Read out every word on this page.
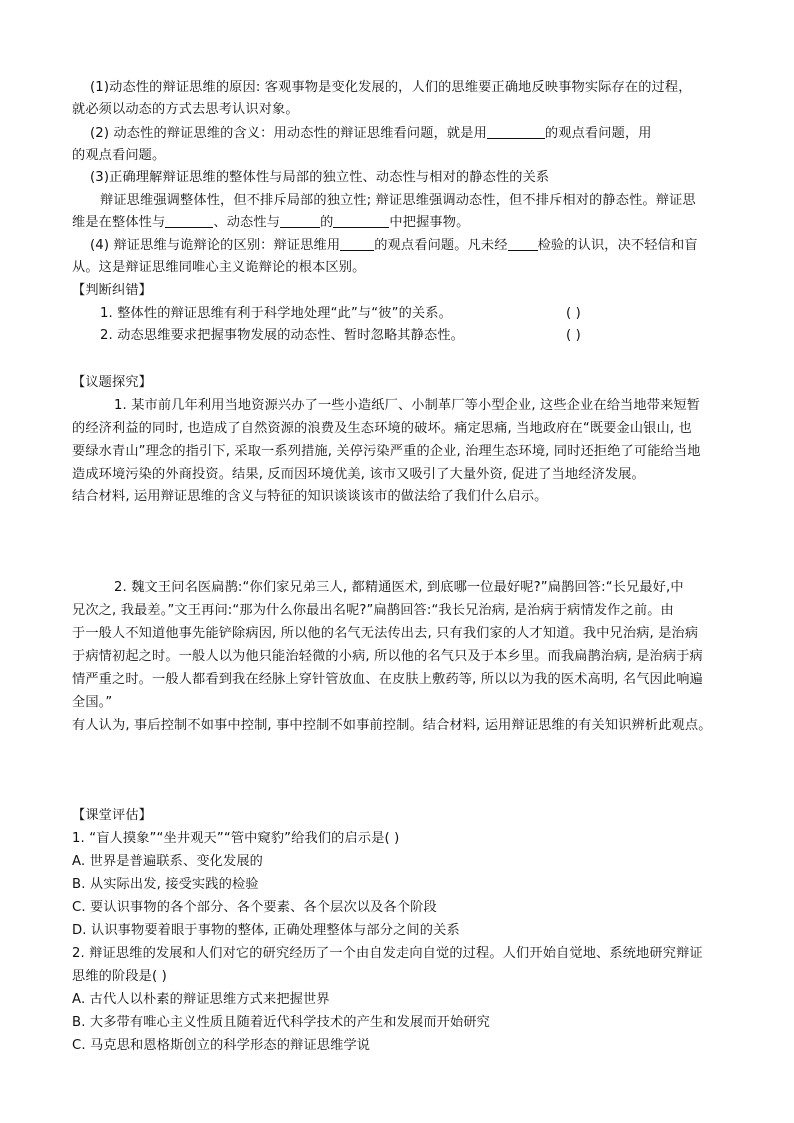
(1)动态性的辩证思维的原因: 客观事物是变化发展的，人们的思维要正确地反映事物实际存在的过程，
就必须以动态的方式去思考认识对象。
(2) 动态性的辩证思维的含义：用动态性的辩证思维看问题，就是用	的观点看问题，用
的观点看问题。
(3)正确理解辩证思维的整体性与局部的独立性、动态性与相对的静态性的关系
辩证思维强调整体性，但不排斥局部的独立性; 辩证思维强调动态性，但不排斥相对的静态性。辩证思
维是在整体性与	、动态性与	的	中把握事物。
(4) 辩证思维与诡辩论的区别：辩证思维用	的观点看问题。凡未经 检验的认识，决不轻信和盲
从。这是辩证思维同唯心主义诡辩论的根本区别。
【判断纠错】
1. 整体性的辩证思维有利于科学地处理“此”与“彼”的关系。	( )
2. 动态思维要求把握事物发展的动态性、暂时忽略其静态性。	( )
【议题探究】
1. 某市前几年利用当地资源兴办了一些小造纸厂、小制革厂等小型企业, 这些企业在给当地带来短暂
的经济利益的同时, 也造成了自然资源的浪费及生态环境的破坏。痛定思痛, 当地政府在“既要金山银山, 也
要绿水青山”理念的指引下, 采取一系列措施, 关停污染严重的企业, 治理生态环境, 同时还拒绝了可能给当地
造成环境污染的外商投资。结果, 反而因环境优美, 该市又吸引了大量外资, 促进了当地经济发展。
结合材料, 运用辩证思维的含义与特征的知识谈谈该市的做法给了我们什么启示。
2. 魏文王问名医扁鹊:“你们家兄弟三人, 都精通医术, 到底哪一位最好呢?”扁鹊回答:“长兄最好,中
兄次之, 我最差。”文王再问:“那为什么你最出名呢?”扁鹊回答:“我长兄治病, 是治病于病情发作之前。由
于一般人不知道他事先能铲除病因, 所以他的名气无法传出去, 只有我们家的人才知道。我中兄治病, 是治病
于病情初起之时。一般人以为他只能治轻微的小病, 所以他的名气只及于本乡里。而我扁鹊治病, 是治病于病
情严重之时。一般人都看到我在经脉上穿针管放血、在皮肤上敷药等, 所以以为我的医术高明, 名气因此响遍
全国。”
有人认为, 事后控制不如事中控制, 事中控制不如事前控制。结合材料, 运用辩证思维的有关知识辨析此观点。
【课堂评估】
1. “盲人摸象”“坐井观天”“管中窥豹”给我们的启示是( )
A. 世界是普遍联系、变化发展的
B. 从实际出发, 接受实践的检验
C. 要认识事物的各个部分、各个要素、各个层次以及各个阶段
D. 认识事物要着眼于事物的整体, 正确处理整体与部分之间的关系
2. 辩证思维的发展和人们对它的研究经历了一个由自发走向自觉的过程。人们开始自觉地、系统地研究辩证
思维的阶段是( )
A. 古代人以朴素的辩证思维方式来把握世界
B. 大多带有唯心主义性质且随着近代科学技术的产生和发展而开始研究
C. 马克思和恩格斯创立的科学形态的辩证思维学说
